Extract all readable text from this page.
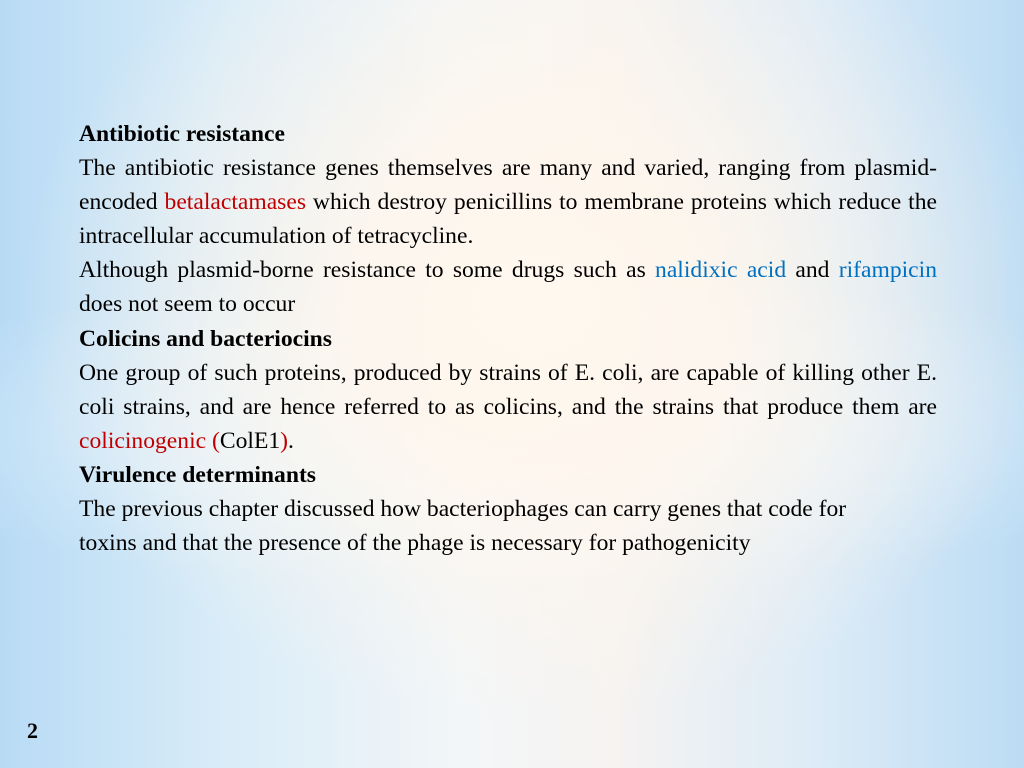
Antibiotic resistance

The antibiotic resistance genes themselves are many and varied, ranging from plasmid-encoded betalactamases which destroy penicillins to membrane proteins which reduce the intracellular accumulation of tetracycline.

Although plasmid-borne resistance to some drugs such as nalidixic acid and rifampicin does not seem to occur

Colicins and bacteriocins

One group of such proteins, produced by strains of E. coli, are capable of killing other E. coli strains, and are hence referred to as colicins, and the strains that produce them are colicinogenic (ColE1).

Virulence determinants

The previous chapter discussed how bacteriophages can carry genes that code for

toxins and that the presence of the phage is necessary for pathogenicity

2
